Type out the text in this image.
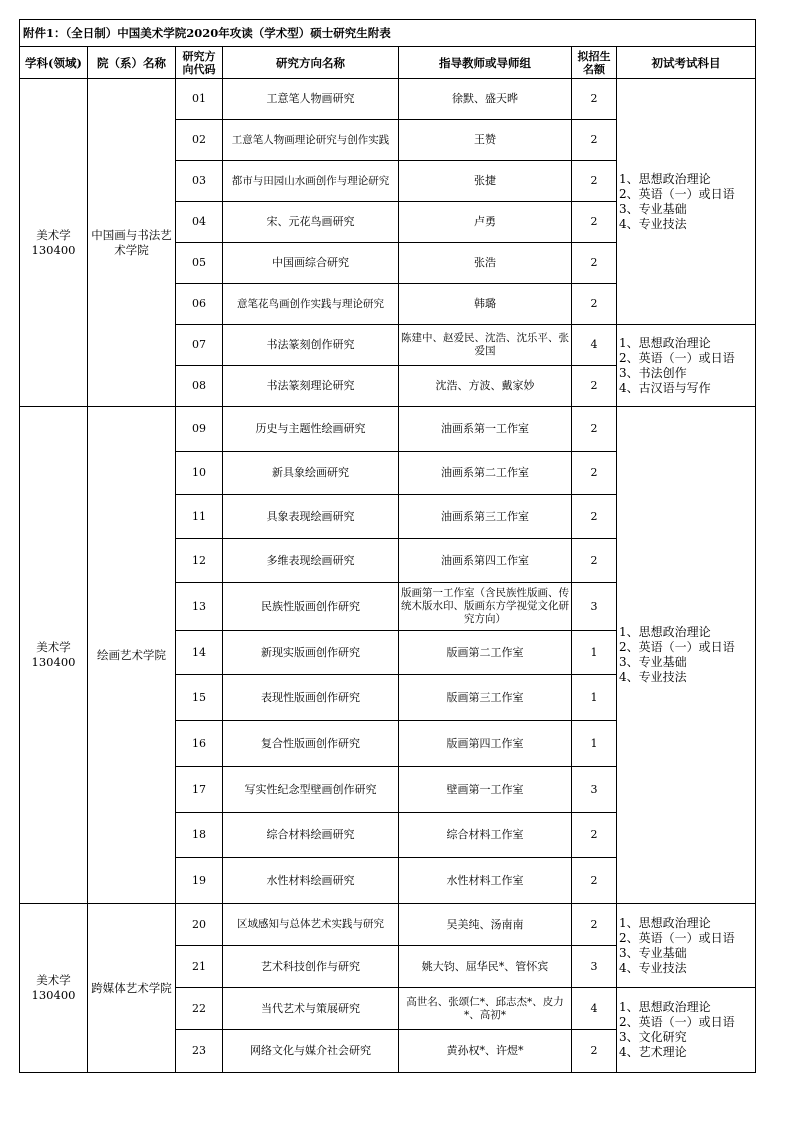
附件1：（全日制）中国美术学院2020年攻读（学术型）硕士研究生附表						
学科(领域)	院（系）名称	研究方向代码	研究方向名称	指导教师或导师组	拟招生名额	初试考试科目
美术学
130400	中国画与书法艺术学院	01	工意笔人物画研究	徐默、盛天晔	2	1、思想政治理论
2、英语（一）或日语
3、专业基础
4、专业技法

		02	工意笔人物画理论研究与创作实践	王赞	2	
		03	都市与田园山水画创作与理论研究	张捷	2	
		04	宋、元花鸟画研究	卢勇	2	
		05	中国画综合研究	张浩	2	
		06	意笔花鸟画创作实践与理论研究	韩璐	2	
		07	书法篆刻创作研究	陈建中、赵爱民、沈浩、沈乐平、张爱国	4	1、思想政治理论
2、英语（一）或日语
3、书法创作
4、古汉语与写作

		08	书法篆刻理论研究	沈浩、方波、戴家妙	2	
美术学
130400	绘画艺术学院	09	历史与主题性绘画研究	油画系第一工作室	2	1、思想政治理论
2、英语（一）或日语
3、专业基础
4、专业技法

		10	新具象绘画研究	油画系第二工作室	2	
		11	具象表现绘画研究	油画系第三工作室	2	
		12	多维表现绘画研究	油画系第四工作室	2	
		13	民族性版画创作研究	版画第一工作室（含民族性版画、传统木版水印、版画东方学视觉文化研究方向）	3	
		14	新现实版画创作研究	版画第二工作室	1	
		15	表现性版画创作研究	版画第三工作室	1	
		16	复合性版画创作研究	版画第四工作室	1	
		17	写实性纪念型壁画创作研究	壁画第一工作室	3	
		18	综合材料绘画研究	综合材料工作室	2	
		19	水性材料绘画研究	水性材料工作室	2	
美术学
130400	跨媒体艺术学院	20	区域感知与总体艺术实践与研究	吴美纯、汤南南	2	1、思想政治理论
2、英语（一）或日语
3、专业基础
4、专业技法

		21	艺术科技创作与研究	姚大钧、屈华民*、管怀宾	3	
		22	当代艺术与策展研究	高世名、张颂仁*、邱志杰*、皮力*、高初*	4	1、思想政治理论
2、英语（一）或日语
3、文化研究
4、艺术理论

		23	网络文化与媒介社会研究	黄孙权*、许煜*	2	
